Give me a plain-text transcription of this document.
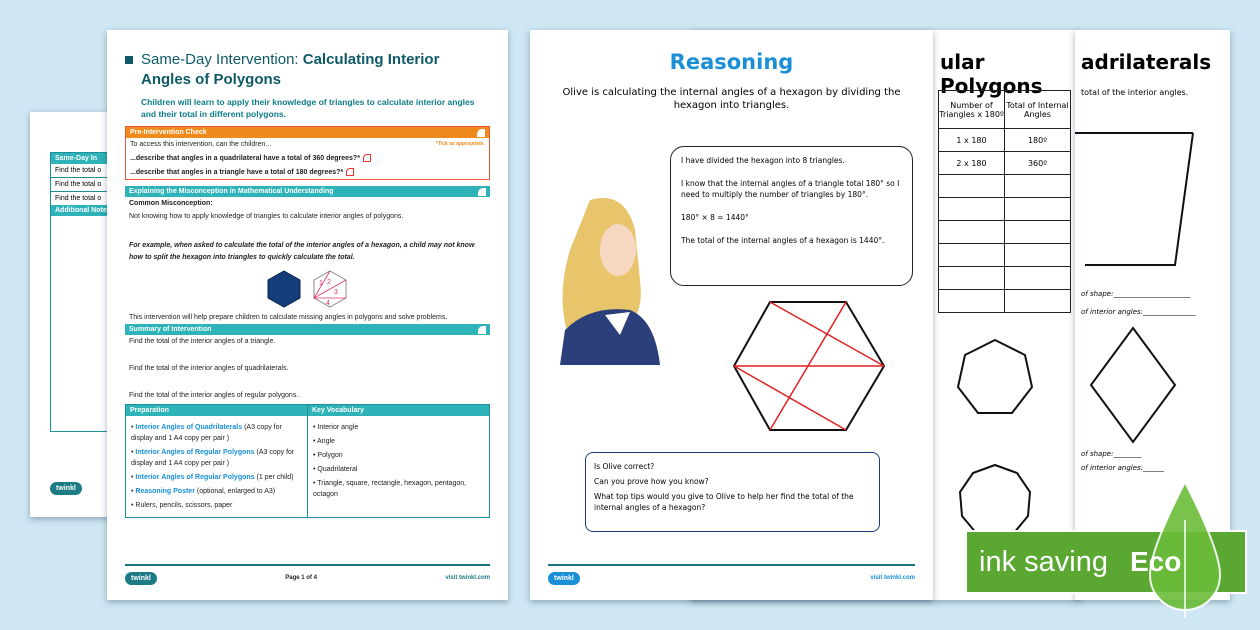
Same-Day In
Find the total o
Find the total o
Find the total o
Additional Note
twinkl
ular Polygons
Number of Triangles x 180º	Total of Internal Angles
1 x 180	180º
2 x 180	360º

adrilaterals
total of the interior angles.
of shape:______________________
of interior angles:_______________
of shape:________
of interior angles:______
Same-Day Intervention: Calculating Interior Angles of Polygons
Children will learn to apply their knowledge of triangles to calculate interior angles and their total in different polygons.
Pre-Intervention Check
To access this intervention, can the children...	*Tick as appropriate.
...describe that angles in a quadrilateral have a total of 360 degrees?*
...describe that angles in a triangle have a total of 180 degrees?*
Explaining the Misconception in Mathematical Understanding
Common Misconception:
Not knowing how to apply knowledge of triangles to calculate interior angles of polygons.
For example, when asked to calculate the total of the interior angles of a hexagon, a child may not know how to split the hexagon into triangles to quickly calculate the total.
1 2
3
4
This intervention will help prepare children to calculate missing angles in polygons and solve problems.
Summary of Intervention
Find the total of the interior angles of a triangle.
Find the total of the interior angles of quadrilaterals.
Find the total of the interior angles of regular polygons.
Preparation
• Interior Angles of Quadrilaterals (A3 copy for display and 1 A4 copy per pair )
• Interior Angles of Regular Polygons (A3 copy for display and 1 A4 copy per pair )
• Interior Angles of Regular Polygons (1 per child)
• Reasoning Poster (optional, enlarged to A3)
• Rulers, pencils, scissors, paper
Key Vocabulary
• Interior angle
• Angle
• Polygon
• Quadrilateral
• Triangle, square, rectangle, hexagon, pentagon, octagon
twinkl	Page 1 of 4	visit twinkl.com
Reasoning
Olive is calculating the internal angles of a hexagon by dividing the hexagon into triangles.

I have divided the hexagon into 8 triangles.

I know that the internal angles of a triangle total 180° so I need to multiply the number of triangles by 180°.

180° × 8 = 1440°

The total of the internal angles of a hexagon is 1440°.

Is Olive correct?

Can you prove how you know?

What top tips would you give to Olive to help her find the total of the internal angles of a hexagon?

twinkl	visit twinkl.com
ink saving Eco
